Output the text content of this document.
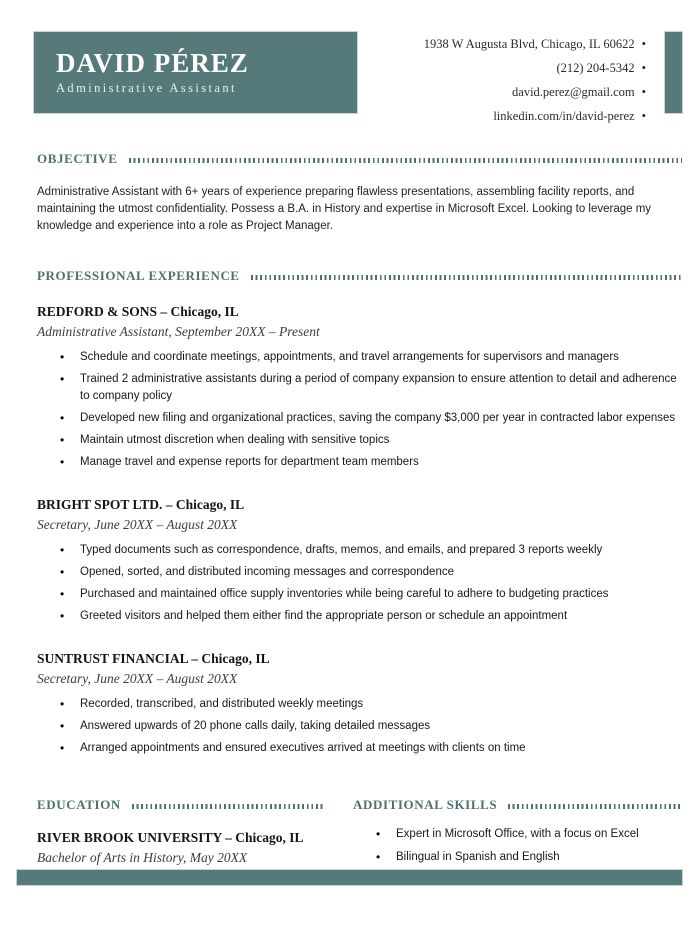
DAVID PÉREZ
Administrative Assistant
1938 W Augusta Blvd, Chicago, IL 60622 •
(212) 204-5342 •
david.perez@gmail.com •
linkedin.com/in/david-perez •
OBJECTIVE

Administrative Assistant with 6+ years of experience preparing flawless presentations, assembling facility reports, and maintaining the utmost confidentiality. Possess a B.A. in History and expertise in Microsoft Excel. Looking to leverage my knowledge and experience into a role as Project Manager.

PROFESSIONAL EXPERIENCE
REDFORD & SONS – Chicago, IL
Administrative Assistant, September 20XX – Present
• Schedule and coordinate meetings, appointments, and travel arrangements for supervisors and managers
• Trained 2 administrative assistants during a period of company expansion to ensure attention to detail and adherence to company policy
• Developed new filing and organizational practices, saving the company $3,000 per year in contracted labor expenses
• Maintain utmost discretion when dealing with sensitive topics
• Manage travel and expense reports for department team members
BRIGHT SPOT LTD. – Chicago, IL
Secretary, June 20XX – August 20XX
• Typed documents such as correspondence, drafts, memos, and emails, and prepared 3 reports weekly
• Opened, sorted, and distributed incoming messages and correspondence
• Purchased and maintained office supply inventories while being careful to adhere to budgeting practices
• Greeted visitors and helped them either find the appropriate person or schedule an appointment
SUNTRUST FINANCIAL – Chicago, IL
Secretary, June 20XX – August 20XX
• Recorded, transcribed, and distributed weekly meetings
• Answered upwards of 20 phone calls daily, taking detailed messages
• Arranged appointments and ensured executives arrived at meetings with clients on time
EDUCATION
RIVER BROOK UNIVERSITY – Chicago, IL
Bachelor of Arts in History, May 20XX
ADDITIONAL SKILLS
• Expert in Microsoft Office, with a focus on Excel
• Bilingual in Spanish and English
•
